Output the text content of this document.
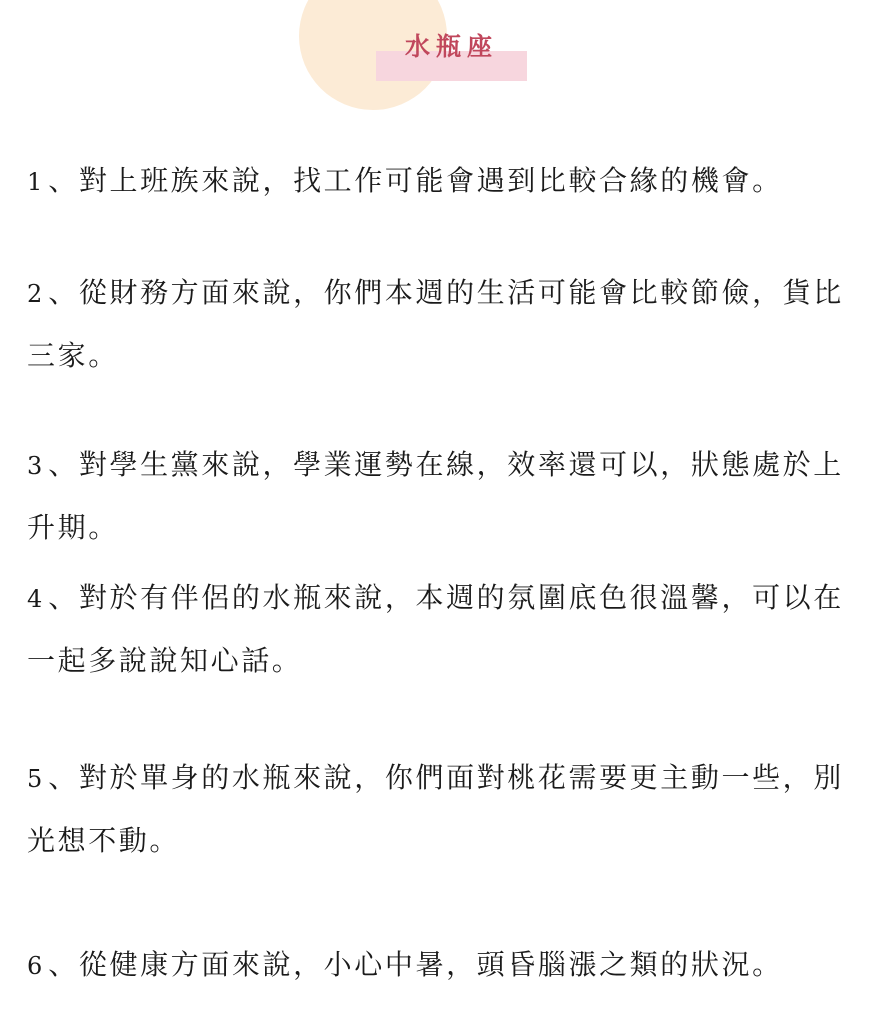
水瓶座

1 、對上班族來說，找工作可能會遇到比較合緣的機會。

2 、從財務方面來說，你們本週的生活可能會比較節儉，貨比三家。

3 、對學生黨來說，學業運勢在線，效率還可以，狀態處於上升期。

4 、對於有伴侶的水瓶來說，本週的氛圍底色很溫馨，可以在一起多說說知心話。

5 、對於單身的水瓶來說，你們面對桃花需要更主動一些，別光想不動。

6 、從健康方面來說，小心中暑，頭昏腦漲之類的狀況。
